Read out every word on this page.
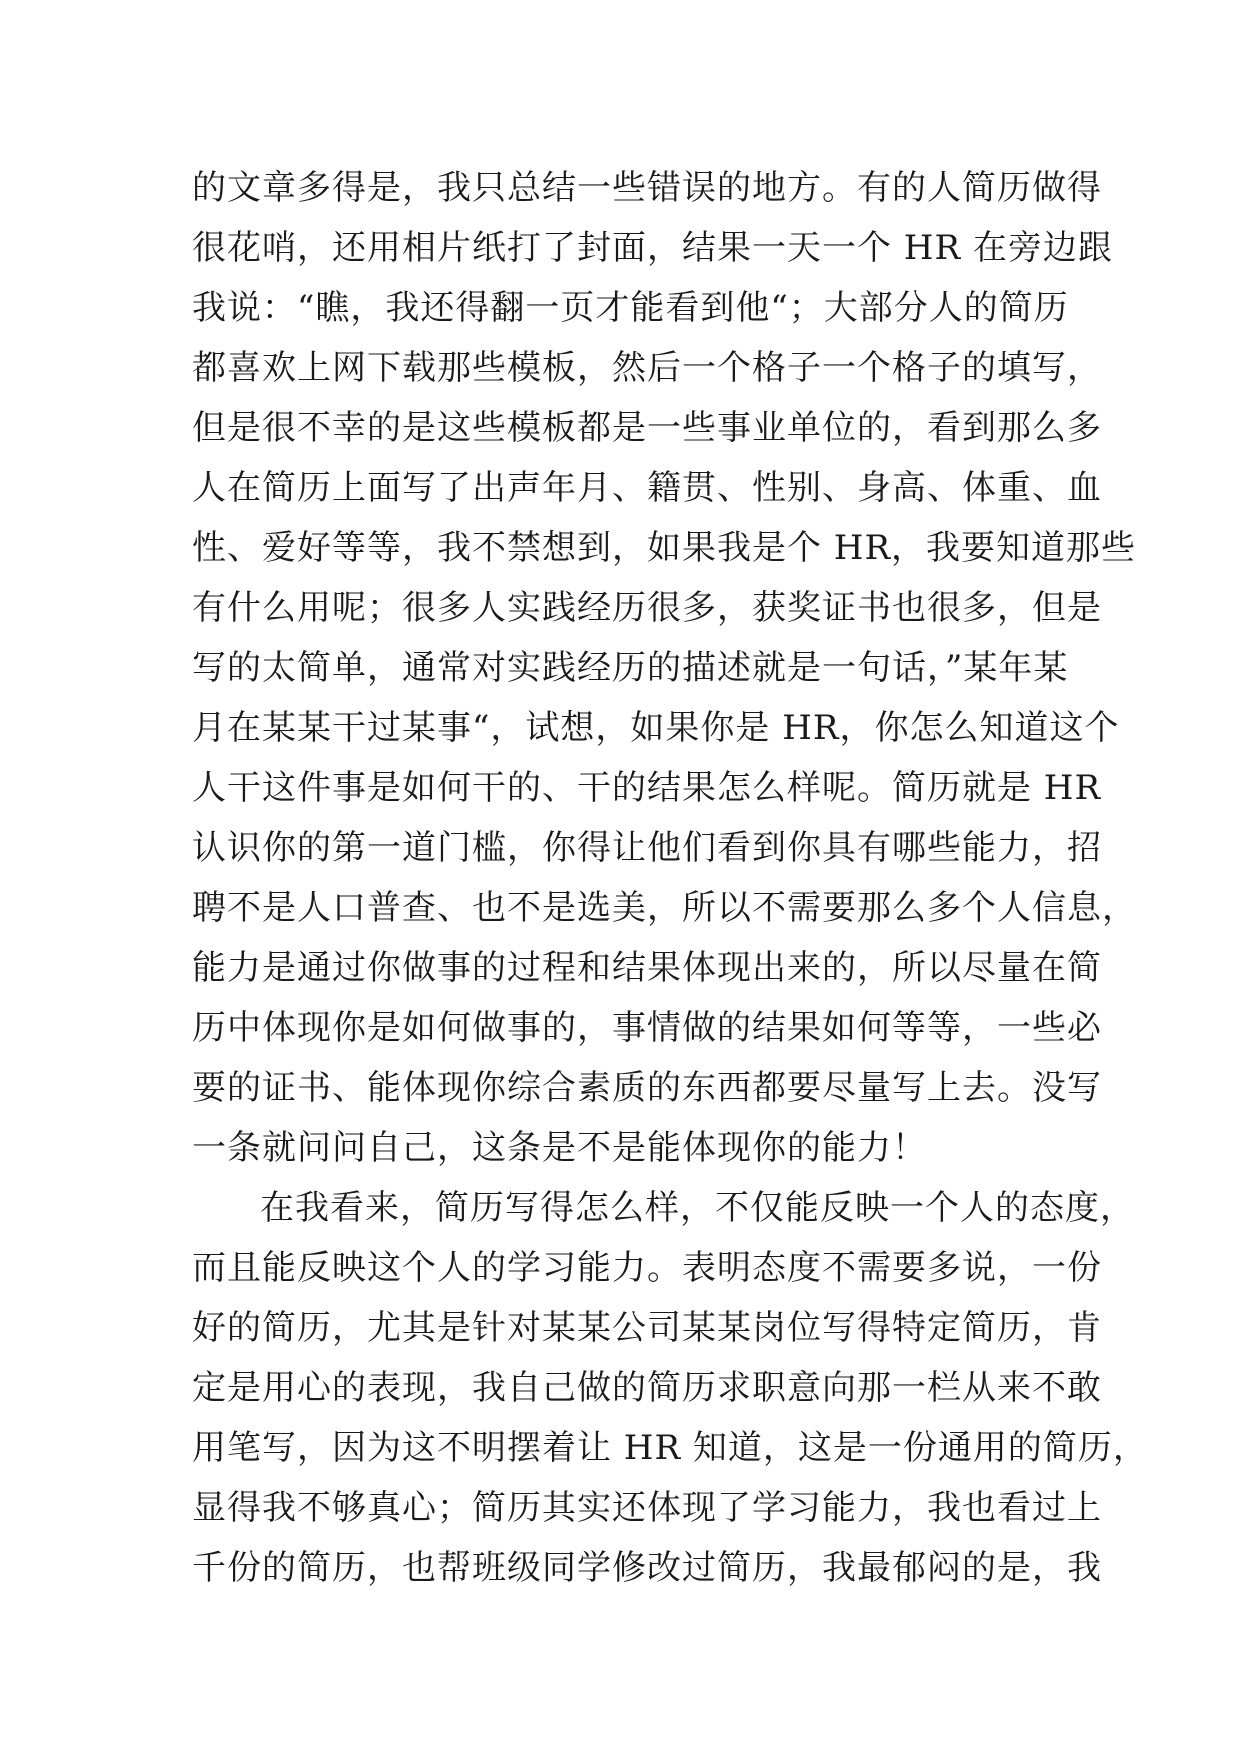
的文章多得是，我只总结一些错误的地方。有的人简历做得
很花哨，还用相片纸打了封面，结果一天一个 HR 在旁边跟
我说：“瞧，我还得翻一页才能看到他“；大部分人的简历
都喜欢上网下载那些模板，然后一个格子一个格子的填写，
但是很不幸的是这些模板都是一些事业单位的，看到那么多
人在简历上面写了出声年月、籍贯、性别、身高、体重、血
性、爱好等等，我不禁想到，如果我是个 HR，我要知道那些
有什么用呢；很多人实践经历很多，获奖证书也很多，但是
写的太简单，通常对实践经历的描述就是一句话，”某年某
月在某某干过某事“，试想，如果你是 HR，你怎么知道这个
人干这件事是如何干的、干的结果怎么样呢。简历就是 HR
认识你的第一道门槛，你得让他们看到你具有哪些能力，招
聘不是人口普查、也不是选美，所以不需要那么多个人信息，
能力是通过你做事的过程和结果体现出来的，所以尽量在简
历中体现你是如何做事的，事情做的结果如何等等，一些必
要的证书、能体现你综合素质的东西都要尽量写上去。没写
一条就问问自己，这条是不是能体现你的能力！
在我看来，简历写得怎么样，不仅能反映一个人的态度，
而且能反映这个人的学习能力。表明态度不需要多说，一份
好的简历，尤其是针对某某公司某某岗位写得特定简历，肯
定是用心的表现，我自己做的简历求职意向那一栏从来不敢
用笔写，因为这不明摆着让 HR 知道，这是一份通用的简历，
显得我不够真心；简历其实还体现了学习能力，我也看过上
千份的简历，也帮班级同学修改过简历，我最郁闷的是，我
